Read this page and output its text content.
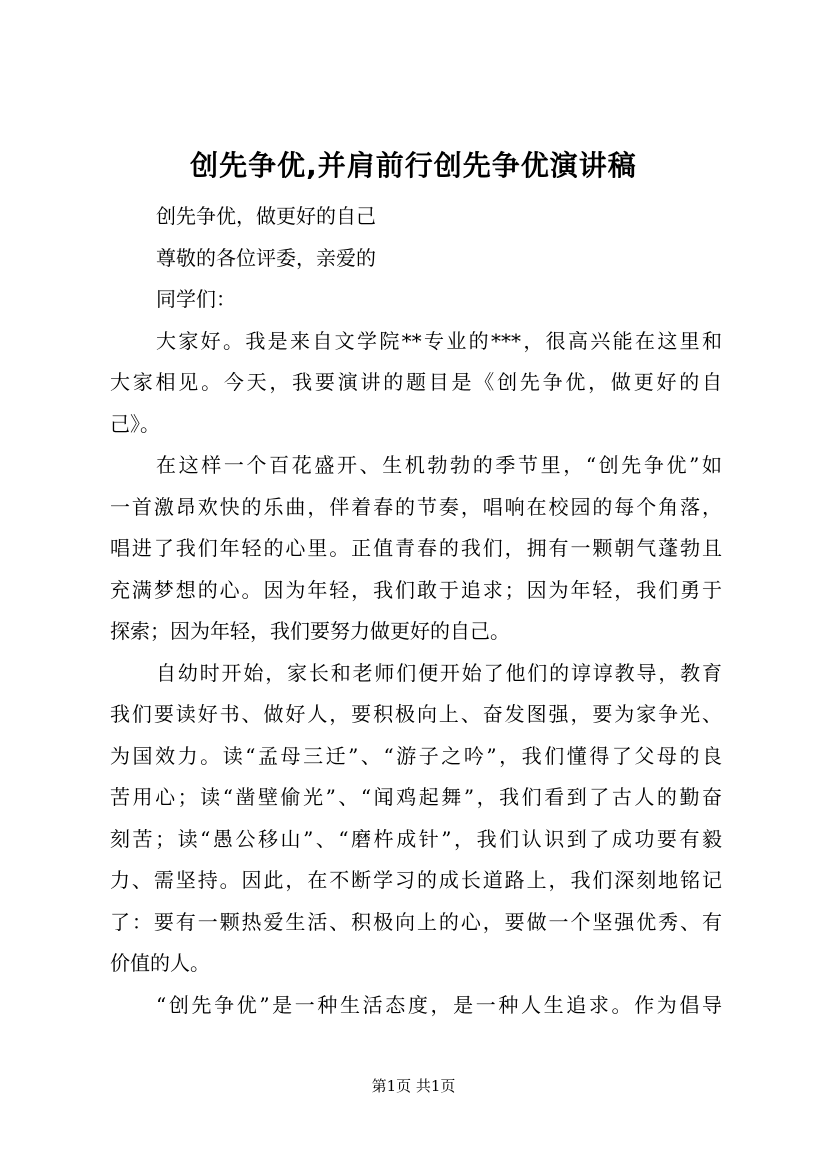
创先争优,并肩前行创先争优演讲稿

创先争优，做更好的自己

尊敬的各位评委，亲爱的

同学们：

大家好。我是来自文学院**专业的***，很高兴能在这里和

大家相见。今天，我要演讲的题目是《创先争优，做更好的自

己》。

在这样一个百花盛开、生机勃勃的季节里，“创先争优”如

一首激昂欢快的乐曲，伴着春的节奏，唱响在校园的每个角落，

唱进了我们年轻的心里。正值青春的我们，拥有一颗朝气蓬勃且

充满梦想的心。因为年轻，我们敢于追求；因为年轻，我们勇于

探索；因为年轻，我们要努力做更好的自己。

自幼时开始，家长和老师们便开始了他们的谆谆教导，教育

我们要读好书、做好人，要积极向上、奋发图强，要为家争光、

为国效力。读“孟母三迁”、“游子之吟”，我们懂得了父母的良

苦用心；读“凿壁偷光”、“闻鸡起舞”，我们看到了古人的勤奋

刻苦；读“愚公移山”、“磨杵成针”，我们认识到了成功要有毅

力、需坚持。因此，在不断学习的成长道路上，我们深刻地铭记

了：要有一颗热爱生活、积极向上的心，要做一个坚强优秀、有

价值的人。

“创先争优”是一种生活态度，是一种人生追求。作为倡导

第1页 共1页
